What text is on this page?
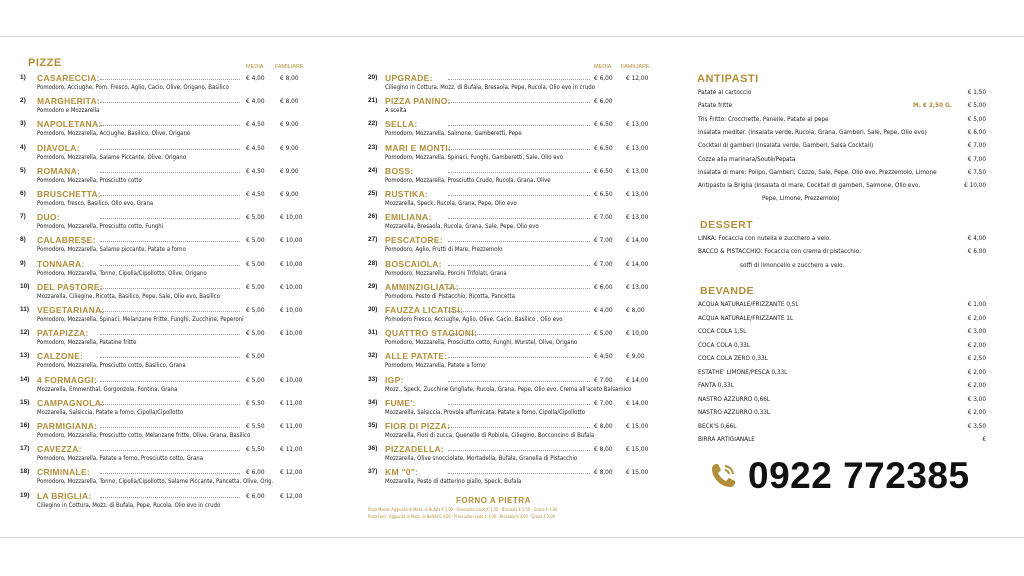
PIZZE	MEDIA FAMILIARE
1)	CASARECCIA:	€ 4,00 € 8,00
Pomodoro, Acciughe, Pom. Fresco, Aglio, Cacio, Olive, Origano, Basilico
2)	MARGHERITA:	€ 4,00 € 8,00
Pomodoro e Mozzarella
3)	NAPOLETANA:	€ 4,50 € 9,00
Pomodoro, Mozzarella, Acciughe, Basilico, Olive, Origano
4)	DIAVOLA:	€ 4,50 € 9,00
Pomodoro, Mozzarella, Salame Piccante, Olive, Origano
5)	ROMANA:	€ 4,50 € 9,00
Pomodoro, Mozzarella, Prosciutto cotto
6)	BRUSCHETTA:	€ 4,50 € 9,00
Pomodoro, fresco, Basilico, Olio evo, Grana
7)	DUO:	€ 5,00 € 10,00
Pomodoro, Mozzarella, Prosciutto cotto, Funghi
8)	CALABRESE:	€ 5,00 € 10,00
Pomodoro, Mozzarella, Salame piccante, Patate a forno
9)	TONNARA:	€ 5,00 € 10,00
Pomodoro, Mozzarella, Tonno, Cipolla/Cipollotto, Olive, Origano
10) DEL PASTORE:	€ 5,00 € 10,00
Mozzarella, Ciliegine, Ricotta, Basilico, Pepe, Sale, Olio evo, Basilico
11) VEGETARIANA:	€ 5,00 € 10,00
Pomodoro, Mozzarella, Spinaci, Melanzane Fritte, Funghi, Zucchine, Peperoni
12) PATAPIZZA:	€ 5,00 € 10,00
Pomodoro, Mozzarella, Patatine fritte
13) CALZONE:	€ 5,00
Pomodoro, Mozzarella, Prosciutto cotto, Basilico, Grana
14) 4 FORMAGGI:	€ 5,00 € 10,00
Mozzarella, Emmenthal, Gorgonzola, Fontina, Grana
15) CAMPAGNOLA:	€ 5,50 € 11,00
Mozzarella, Salsiccia, Patate a forno, Cipolla/Cipollotto
16) PARMIGIANA:	€ 5,50 € 11,00
Pomodoro, Mozzarella, Prosciutto cotto, Melanzane fritte, Olive, Grana, Basilico
17) CAVEZZA:	€ 5,50 € 11,00
Pomodoro, Mozzarella, Patate a forno, Prosciutto cotto, Grana
18) CRIMINALE:	€ 6,00 € 12,00
Pomodoro, Mozzarella, Tonno, Cipolla/Cipollotto, Salame Piccante, Pancetta, Olive, Orig.
19) LA BRIGLIA:	€ 6,00 € 12,00
Ciliegino in Cottura, Mozz. di Bufala, Pepe, Rucola, Olio evo in crudo
MEDIA FAMILIARE
20) UPGRADE:	€ 6,00 € 12,00
Ciliegino in Cottura, Mozz. di Bufala, Bresaola, Pepe, Rucola, Olio evo in crudo
21) PIZZA PANINO:	€ 6,00
A scelta
22) SELLA:	€ 6,50 € 13,00
Pomodoro, Mozzarella, Salmone, Gamberetti, Pepe
23) MARI E MONTI:	€ 6,50 € 13,00
Pomodoro, Mozzarella, Spinaci, Funghi, Gamberetti, Sale, Olio evo
24) BOSS:	€ 6,50 € 13,00
Pomodoro, Mozzarella, Prosciutto Crudo, Rucola, Grana, Olive
25) RUSTIKA:	€ 6,50 € 13,00
Mozzarella, Speck, Rucola, Grana, Pepe, Olio evo
26) EMILIANA:	€ 7,00 € 13,00
Mozzarella, Bresaola, Rucola, Grana, Sale, Pepe, Olio evo
27) PESCATORE:	€ 7,00 € 14,00
Pomodoro, Aglio, Frutti di Mare, Prezzemolo
28) BOSCAIOLA:	€ 7,00 € 14,00
Pomodoro, Mozzarella, Porcini Trifolati, Grana
29) AMMINZIGLIATA:	€ 6,00 € 13,00
Pomodoro, Pesto di Pistacchio, Ricotta, Pancetta
30) FAUZZA LICATISI:	€ 4,00 € 8,00
Pomodoro Fresco, Acciughe, Aglio, Olive, Cacio, Basilico , Olio evo
31) QUATTRO STAGIONI:	€ 5,00 € 10,00
Pomodoro, Mozzarella, Prosciutto cotto, Funghi, Wurstel, Olive, Origano
32) ALLE PATATE:	€ 4,50 € 9,00
Pomodoro, Mozzarella, Patate a forno
33) IGP:	€ 7,00 € 14,00
Mozz., Speck, Zucchine Grigliate, Rucola, Grana, Pepe, Olio evo, Crema all'aceto Balsamico
34) FUME':	€ 7,00 € 14,00
Mozzarella, Salsiccia, Provola affumicata, Patate a forno, Cipolla/Cipollotto
35) FIOR DI PIZZA:	€ 8,00 € 15,00
Mozzarella, Fiori di zucca, Quenelle di Robiola, Ciliegino, Bocconcino di Bufala
36) PIZZADELLA:	€ 8,00 € 15,00
Mozzarella, Olive snocciolate, Mortadella, Bufala, Granella di Pistacchio
37) KM "0":	€ 8,00 € 15,00
Mozzarella, Pesto di datterino giallo, Speck, Bufala
FORNO A PIETRA
Pizza Media: Aggiunta di Mozz. di Bufala € 2,00 - Prosciutto crudo € 1,50 - Bresaola € 1,50 - Grana € 1,00
Pizza Fam.: Aggiunta di Mozz. di Bufala € 4,00 - Prosciutto crudo € 3,00 - Bresaola € 3,00 - Grana € 2,00
ANTIPASTI
Patate al cartoccio	€ 1,50
Patate fritte	M. € 2,50 G. € 5,00
Tris Fritto: Crocchette, Panelle, Patate al pepe	€ 5,00
Insalata mediter. (Insalata verde, Rucola, Grana, Gamberi, Sale, Pepe, Olio evo)	€ 6,00
Cocktail di gamberi (Insalata verde, Gamberi, Salsa Cocktail)	€ 7,00
Cozze alla marinara/Soutè/Pepata	€ 7,00
Insalata di mare: Polipo, Gamberi, Cozze, Sale, Pepe, Olio evo, Prezzemolo, Limone	€ 7,50
Antipasto la Briglia (Insalata di mare, Cocktail di gamberi, Salmone, Olio evo,	€ 10,00
Pepe, Limone, Prezzemolo)
DESSERT
LINKA: Focaccia con nutella e zucchero a velo.	€ 4,00
BACCO & PISTACCHIO: Focaccia con crema di pistacchio,	€ 6,00
soffi di limoncello e zucchero a velo.
BEVANDE
ACQUA NATURALE/FRIZZANTE 0,5L	€ 1,00
ACQUA NATURALE/FRIZZANTE 1L	€ 2,00
COCA COLA 1,5L	€ 3,00
COCA COLA 0,33L	€ 2,00
COCA COLA ZERO 0,33L	€ 2,50
ESTATHE' LIMONE/PESCA 0,33L	€ 2,00
FANTA 0,33L	€ 2,00
NASTRO AZZURRO 0,66L	€ 3,00
NASTRO AZZURRO 0,33L	€ 2,00
BECK'S 0,66L	€ 3,50
BIRRA ARTIGIANALE	€
0922 772385
